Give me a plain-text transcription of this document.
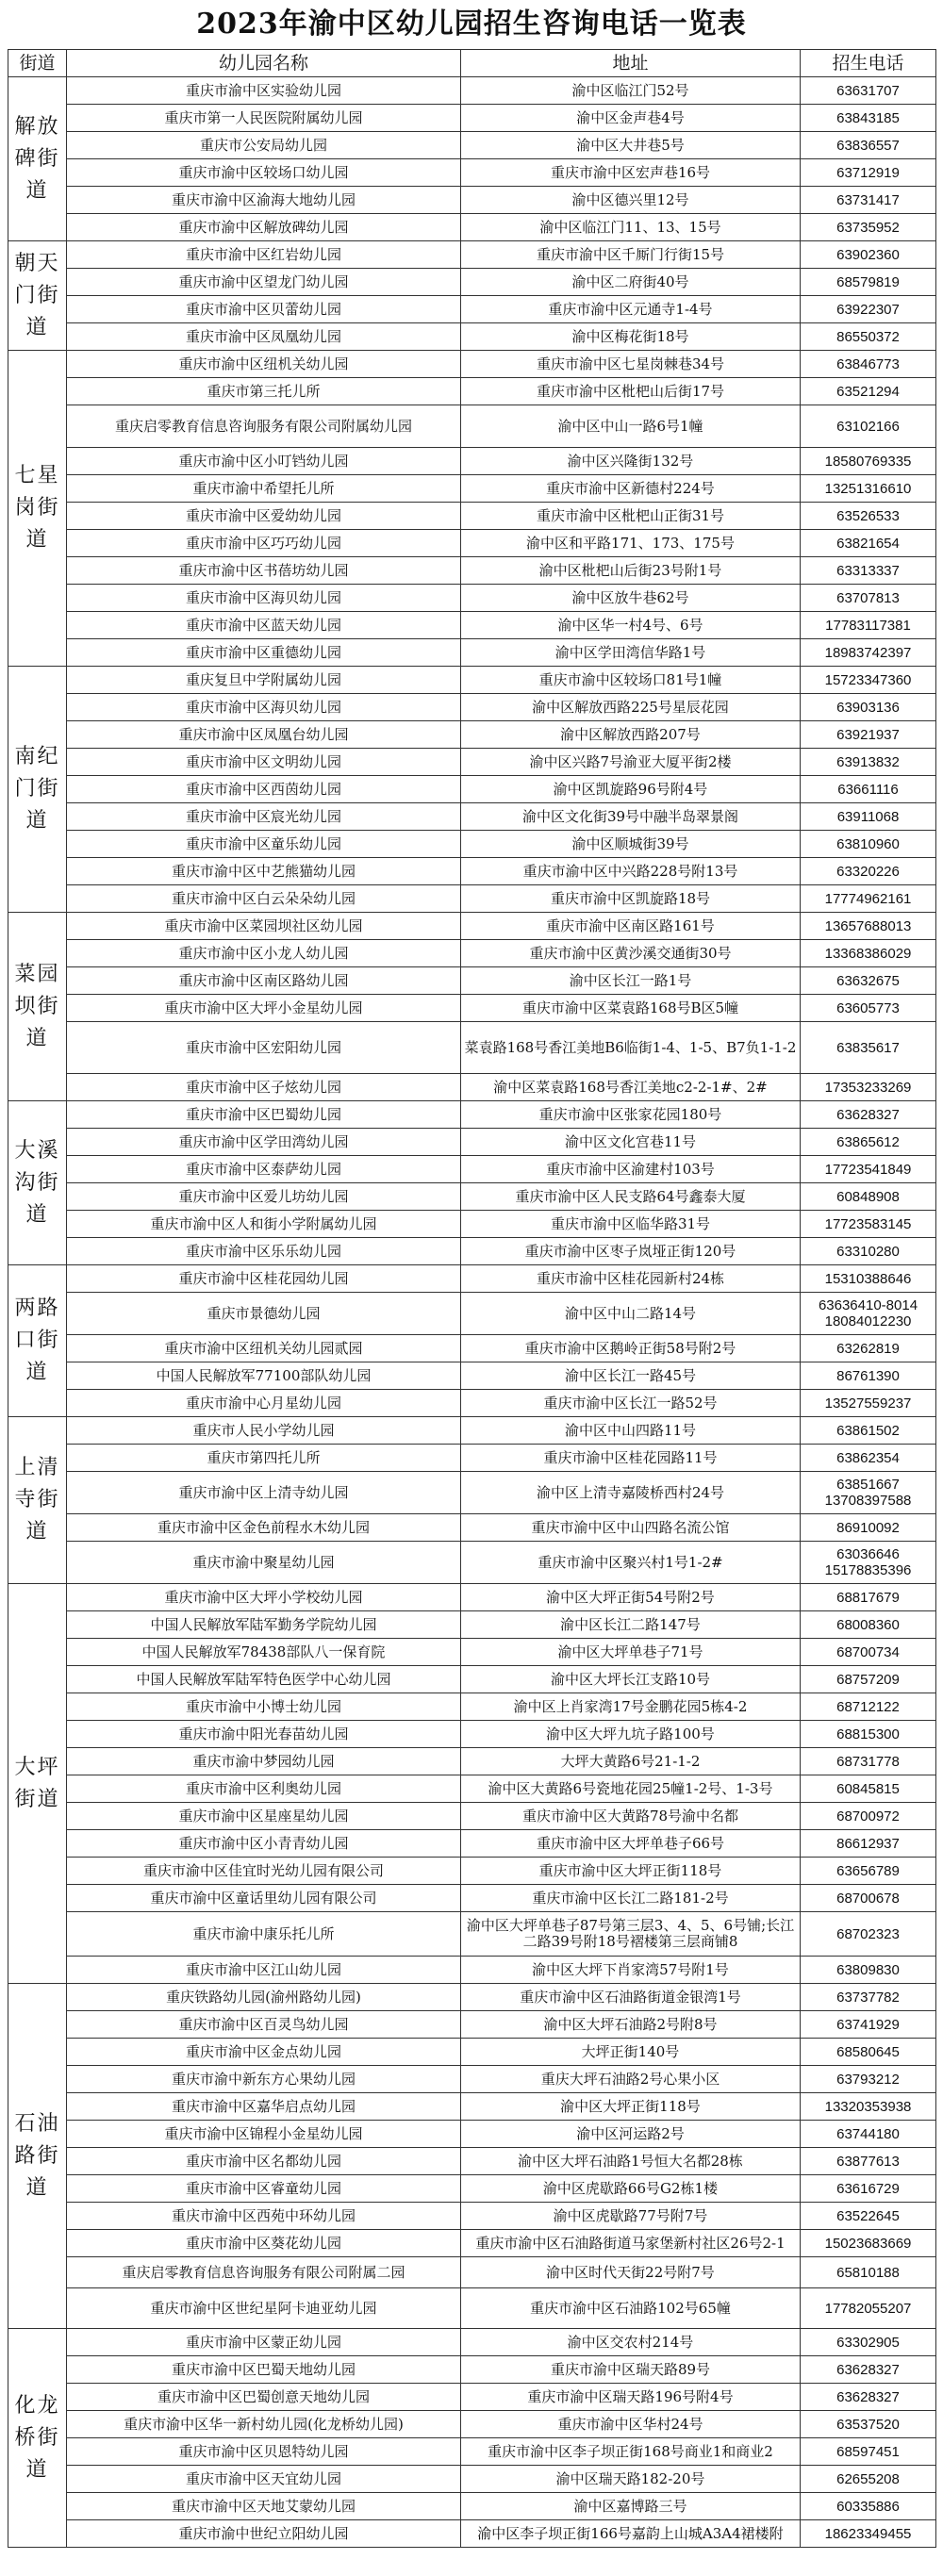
2023年渝中区幼儿园招生咨询电话一览表
街道	幼儿园名称	地址	招生电话
解放碑街道	重庆市渝中区实验幼儿园	渝中区临江门52号	63631707
	重庆市第一人民医院附属幼儿园	渝中区金声巷4号	63843185
	重庆市公安局幼儿园	渝中区大井巷5号	63836557
	重庆市渝中区较场口幼儿园	重庆市渝中区宏声巷16号	63712919
	重庆市渝中区渝海大地幼儿园	渝中区德兴里12号	63731417
	重庆市渝中区解放碑幼儿园	渝中区临江门11、13、15号	63735952
朝天门街道	重庆市渝中区红岩幼儿园	重庆市渝中区千厮门行街15号	63902360
	重庆市渝中区望龙门幼儿园	渝中区二府街40号	68579819
	重庆市渝中区贝蕾幼儿园	重庆市渝中区元通寺1-4号	63922307
	重庆市渝中区凤凰幼儿园	渝中区梅花街18号	86550372
七星岗街道	重庆市渝中区纽机关幼儿园	重庆市渝中区七星岗棘巷34号	63846773
	重庆市第三托儿所	重庆市渝中区枇杷山后街17号	63521294
	重庆启零教育信息咨询服务有限公司附属幼儿园	渝中区中山一路6号1幢	63102166
	重庆市渝中区小叮铛幼儿园	渝中区兴隆街132号	18580769335
	重庆市渝中希望托儿所	重庆市渝中区新德村224号	13251316610
	重庆市渝中区爱幼幼儿园	重庆市渝中区枇杷山正街31号	63526533
	重庆市渝中区巧巧幼儿园	渝中区和平路171、173、175号	63821654
	重庆市渝中区书蓓坊幼儿园	渝中区枇杷山后街23号附1号	63313337
	重庆市渝中区海贝幼儿园	渝中区放牛巷62号	63707813
	重庆市渝中区蓝天幼儿园	渝中区华一村4号、6号	17783117381
	重庆市渝中区重德幼儿园	渝中区学田湾信华路1号	18983742397
南纪门街道	重庆复旦中学附属幼儿园	重庆市渝中区较场口81号1幢	15723347360
	重庆市渝中区海贝幼儿园	渝中区解放西路225号星辰花园	63903136
	重庆市渝中区凤凰台幼儿园	渝中区解放西路207号	63921937
	重庆市渝中区文明幼儿园	渝中区兴路7号渝亚大厦平街2楼	63913832
	重庆市渝中区西茵幼儿园	渝中区凯旋路96号附4号	63661116
	重庆市渝中区宸光幼儿园	渝中区文化街39号中融半岛翠景阁	63911068
	重庆市渝中区童乐幼儿园	渝中区顺城街39号	63810960
	重庆市渝中区中艺熊猫幼儿园	重庆市渝中区中兴路228号附13号	63320226
	重庆市渝中区白云朵朵幼儿园	重庆市渝中区凯旋路18号	17774962161
菜园坝街道	重庆市渝中区菜园坝社区幼儿园	重庆市渝中区南区路161号	13657688013
	重庆市渝中区小龙人幼儿园	重庆市渝中区黄沙溪交通街30号	13368386029
	重庆市渝中区南区路幼儿园	渝中区长江一路1号	63632675
	重庆市渝中区大坪小金星幼儿园	重庆市渝中区菜袁路168号B区5幢	63605773
	重庆市渝中区宏阳幼儿园	菜袁路168号香江美地B6临街1-4、1-5、B7负1-1-2	63835617
	重庆市渝中区子炫幼儿园	渝中区菜袁路168号香江美地c2-2-1#、2#	17353233269
大溪沟街道	重庆市渝中区巴蜀幼儿园	重庆市渝中区张家花园180号	63628327
	重庆市渝中区学田湾幼儿园	渝中区文化宫巷11号	63865612
	重庆市渝中区泰萨幼儿园	重庆市渝中区渝建村103号	17723541849
	重庆市渝中区爱儿坊幼儿园	重庆市渝中区人民支路64号鑫泰大厦	60848908
	重庆市渝中区人和街小学附属幼儿园	重庆市渝中区临华路31号	17723583145
	重庆市渝中区乐乐幼儿园	重庆市渝中区枣子岚垭正街120号	63310280
两路口街道	重庆市渝中区桂花园幼儿园	重庆市渝中区桂花园新村24栋	15310388646
	重庆市景德幼儿园	渝中区中山二路14号	63636410-8014
18084012230
	重庆市渝中区纽机关幼儿园贰园	重庆市渝中区鹅岭正街58号附2号	63262819
	中国人民解放军77100部队幼儿园	渝中区长江一路45号	86761390
	重庆市渝中心月星幼儿园	重庆市渝中区长江一路52号	13527559237
上清寺街道	重庆市人民小学幼儿园	渝中区中山四路11号	63861502
	重庆市第四托儿所	重庆市渝中区桂花园路11号	63862354
	重庆市渝中区上清寺幼儿园	渝中区上清寺嘉陵桥西村24号	63851667
13708397588
	重庆市渝中区金色前程水木幼儿园	重庆市渝中区中山四路名流公馆	86910092
	重庆市渝中聚星幼儿园	重庆市渝中区聚兴村1号1-2#	63036646
15178835396
大坪街道	重庆市渝中区大坪小学校幼儿园	渝中区大坪正街54号附2号	68817679
	中国人民解放军陆军勤务学院幼儿园	渝中区长江二路147号	68008360
	中国人民解放军78438部队八一保育院	渝中区大坪单巷子71号	68700734
	中国人民解放军陆军特色医学中心幼儿园	渝中区大坪长江支路10号	68757209
	重庆市渝中小博士幼儿园	渝中区上肖家湾17号金鹏花园5栋4-2	68712122
	重庆市渝中阳光春苗幼儿园	渝中区大坪九坑子路100号	68815300
	重庆市渝中梦园幼儿园	大坪大黄路6号21-1-2	68731778
	重庆市渝中区利奥幼儿园	渝中区大黄路6号瓷地花园25幢1-2号、1-3号	60845815
	重庆市渝中区星座星幼儿园	重庆市渝中区大黄路78号渝中名都	68700972
	重庆市渝中区小青青幼儿园	重庆市渝中区大坪单巷子66号	86612937
	重庆市渝中区佳宜时光幼儿园有限公司	重庆市渝中区大坪正街118号	63656789
	重庆市渝中区童话里幼儿园有限公司	重庆市渝中区长江二路181-2号	68700678
	重庆市渝中康乐托儿所	渝中区大坪单巷子87号第三层3、4、5、6号铺;长江二路39号附18号褶楼第三层商铺8	68702323
	重庆市渝中区江山幼儿园	渝中区大坪下肖家湾57号附1号	63809830
石油路街道	重庆铁路幼儿园(渝州路幼儿园)	重庆市渝中区石油路街道金银湾1号	63737782
	重庆市渝中区百灵鸟幼儿园	渝中区大坪石油路2号附8号	63741929
	重庆市渝中区金点幼儿园	大坪正街140号	68580645
	重庆市渝中新东方心果幼儿园	重庆大坪石油路2号心果小区	63793212
	重庆市渝中区嘉华启点幼儿园	渝中区大坪正街118号	13320353938
	重庆市渝中区锦程小金星幼儿园	渝中区河运路2号	63744180
	重庆市渝中区名都幼儿园	渝中区大坪石油路1号恒大名都28栋	63877613
	重庆市渝中区睿童幼儿园	渝中区虎歇路66号G2栋1楼	63616729
	重庆市渝中区西苑中环幼儿园	渝中区虎歇路77号附7号	63522645
	重庆市渝中区葵花幼儿园	重庆市渝中区石油路街道马家堡新村社区26号2-1	15023683669
	重庆启零教育信息咨询服务有限公司附属二园	渝中区时代天街22号附7号	65810188
	重庆市渝中区世纪星阿卡迪亚幼儿园	重庆市渝中区石油路102号65幢	17782055207
化龙桥街道	重庆市渝中区蒙正幼儿园	渝中区交农村214号	63302905
	重庆市渝中区巴蜀天地幼儿园	重庆市渝中区瑞天路89号	63628327
	重庆市渝中区巴蜀创意天地幼儿园	重庆市渝中区瑞天路196号附4号	63628327
	重庆市渝中区华一新村幼儿园(化龙桥幼儿园)	重庆市渝中区华村24号	63537520
	重庆市渝中区贝恩特幼儿园	重庆市渝中区李子坝正街168号商业1和商业2	68597451
	重庆市渝中区天宜幼儿园	渝中区瑞天路182-20号	62655208
	重庆市渝中区天地艾蒙幼儿园	渝中区嘉博路三号	60335886
	重庆市渝中世纪立阳幼儿园	渝中区李子坝正街166号嘉韵上山城A3A4裙楼附	18623349455
